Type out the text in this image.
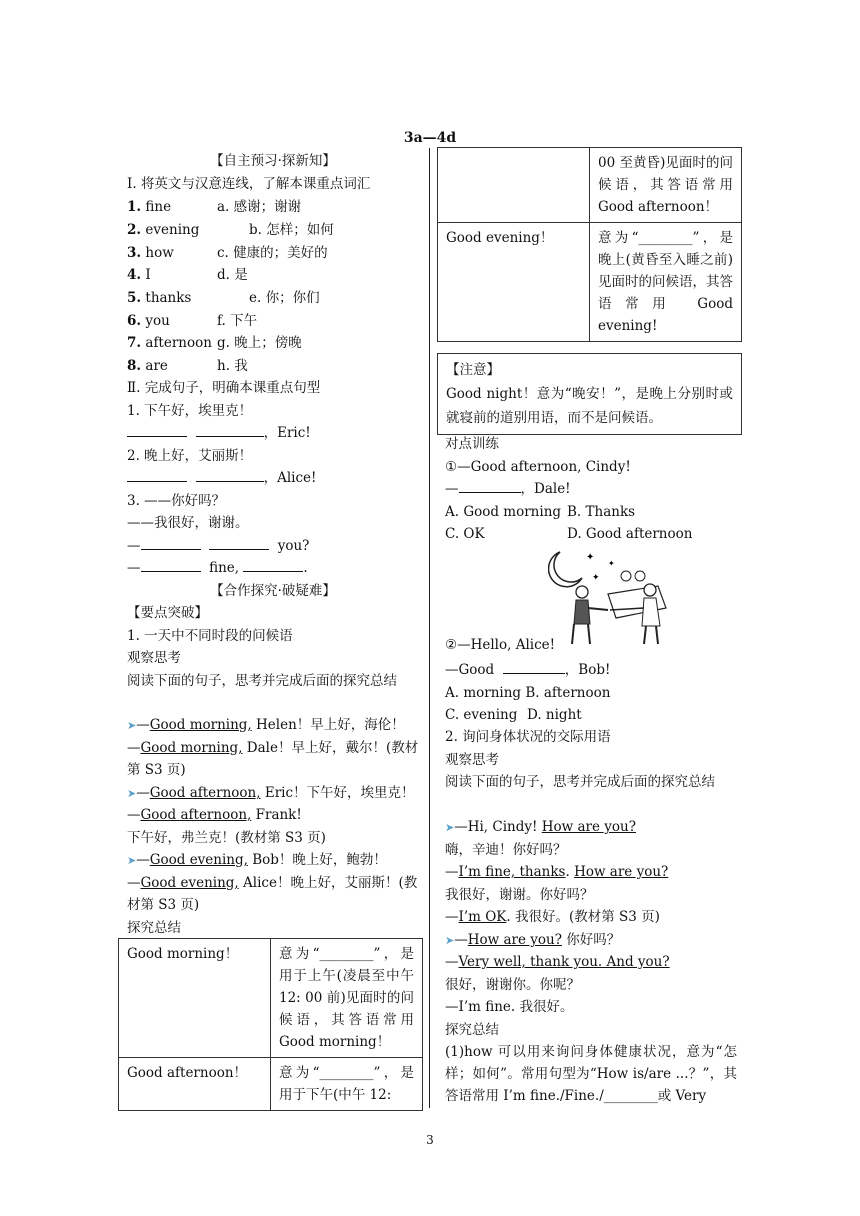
3a—4d
【自主预习·探新知】
Ⅰ. 将英文与汉意连线，了解本课重点词汇
1. fine	a. 感谢；谢谢
2. evening	b. 怎样；如何
3. how	c. 健康的；美好的
4. I	d. 是
5. thanks	e. 你；你们
6. you	f. 下午
7. afternoon g. 晚上；傍晚
8. are	h. 我
Ⅱ. 完成句子，明确本课重点句型
1. 下午好，埃里克！
，Eric!
2. 晚上好，艾丽斯！
，Alice!
3. ——你好吗？
——我很好，谢谢。
—	you?
—	fine,	.
【合作探究·破疑难】
【要点突破】
1. 一天中不同时段的问候语
观察思考
阅读下面的句子，思考并完成后面的探究总结
➤—Good morning, Helen！早上好，海伦！
—Good morning, Dale！早上好，戴尔！(教材第 S3 页)
➤—Good afternoon, Eric！下午好，埃里克！
—Good afternoon, Frank!
下午好，弗兰克！(教材第 S3 页)
➤—Good evening, Bob！晚上好，鲍勃！
—Good evening, Alice！晚上好，艾丽斯！(教材第 S3 页)
探究总结
Good morning！	意为“________”，是用于上午(凌晨至中午 12: 00 前)见面时的问候语，其答语常用 Good morning！
Good afternoon！	意为“________”，是用于下午(中午 12:
	00 至黄昏)见面时的问候语，其答语常用 Good afternoon！
Good evening！	意为“________”，是晚上(黄昏至入睡之前)见面时的问候语，其答语常用 Good evening!
【注意】
Good night！意为“晚安！”，是晚上分别时或就寝前的道别用语，而不是问候语。
对点训练
①—Good afternoon, Cindy!
—	，Dale!
A. Good morning B. Thanks
C. OK	D. Good afternoon
✦
✦
✦
②—Hello, Alice!
—Good	，Bob!
A. morning B. afternoon
C. evening D. night
2. 询问身体状况的交际用语
观察思考
阅读下面的句子，思考并完成后面的探究总结
➤—Hi, Cindy! How are you?
嗨，辛迪！你好吗？
—I’m fine, thanks. How are you?
我很好，谢谢。你好吗？
—I’m OK. 我很好。(教材第 S3 页)
➤—How are you? 你好吗？
—Very well, thank you. And you?
很好，谢谢你。你呢？
—I’m fine. 我很好。
探究总结
(1)how 可以用来询问身体健康状况，意为“怎样；如何”。常用句型为“How is/are ...？”，其答语常用 I’m fine./Fine./________或 Very
3
